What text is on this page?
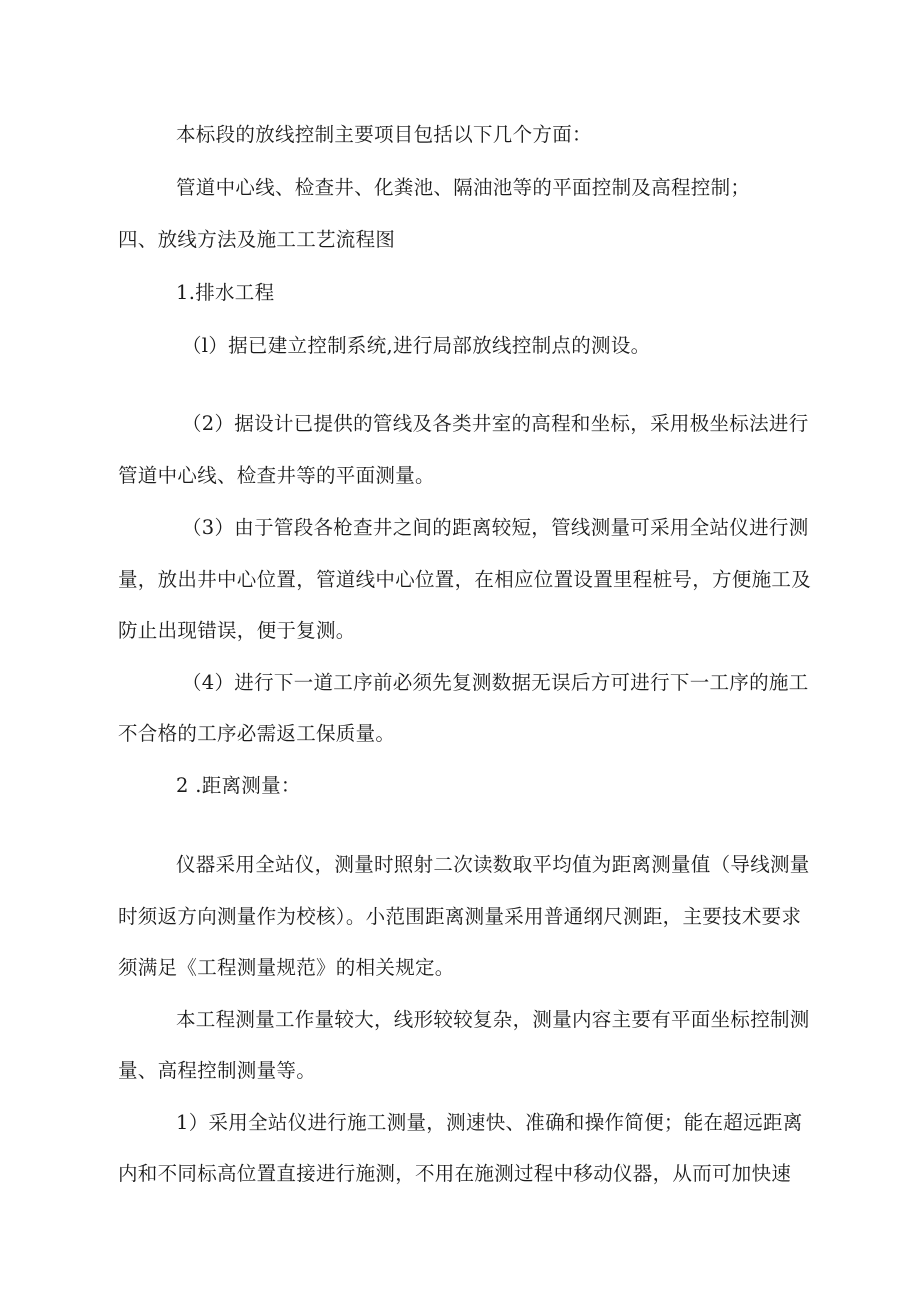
本标段的放线控制主要项目包括以下几个方面：
管道中心线、检查井、化粪池、隔油池等的平面控制及高程控制；
四、放线方法及施工工艺流程图
1.排水工程
（l）据已建立控制系统,进行局部放线控制点的测设。
（2）据设计已提供的管线及各类井室的高程和坐标，采用极坐标法进行
管道中心线、检查井等的平面测量。
（3）由于管段各枪查井之间的距离较短，管线测量可采用全站仪进行测
量，放出井中心位置，管道线中心位置，在相应位置设置里程桩号，方便施工及
防止出现错误，便于复测。
（4）进行下一道工序前必须先复测数据无误后方可进行下一工序的施工
不合格的工序必需返工保质量。
2 .距离测量：
仪器采用全站仪，测量时照射二次读数取平均值为距离测量值（导线测量
时须返方向测量作为校核）。小范围距离测量采用普通纲尺测距，主要技术要求
须满足《工程测量规范》的相关规定。
本工程测量工作量较大，线形较较复杂，测量内容主要有平面坐标控制测
量、高程控制测量等。
1）采用全站仪进行施工测量，测速快、准确和操作简便；能在超远距离
内和不同标高位置直接进行施测，不用在施测过程中移动仪器，从而可加快速
